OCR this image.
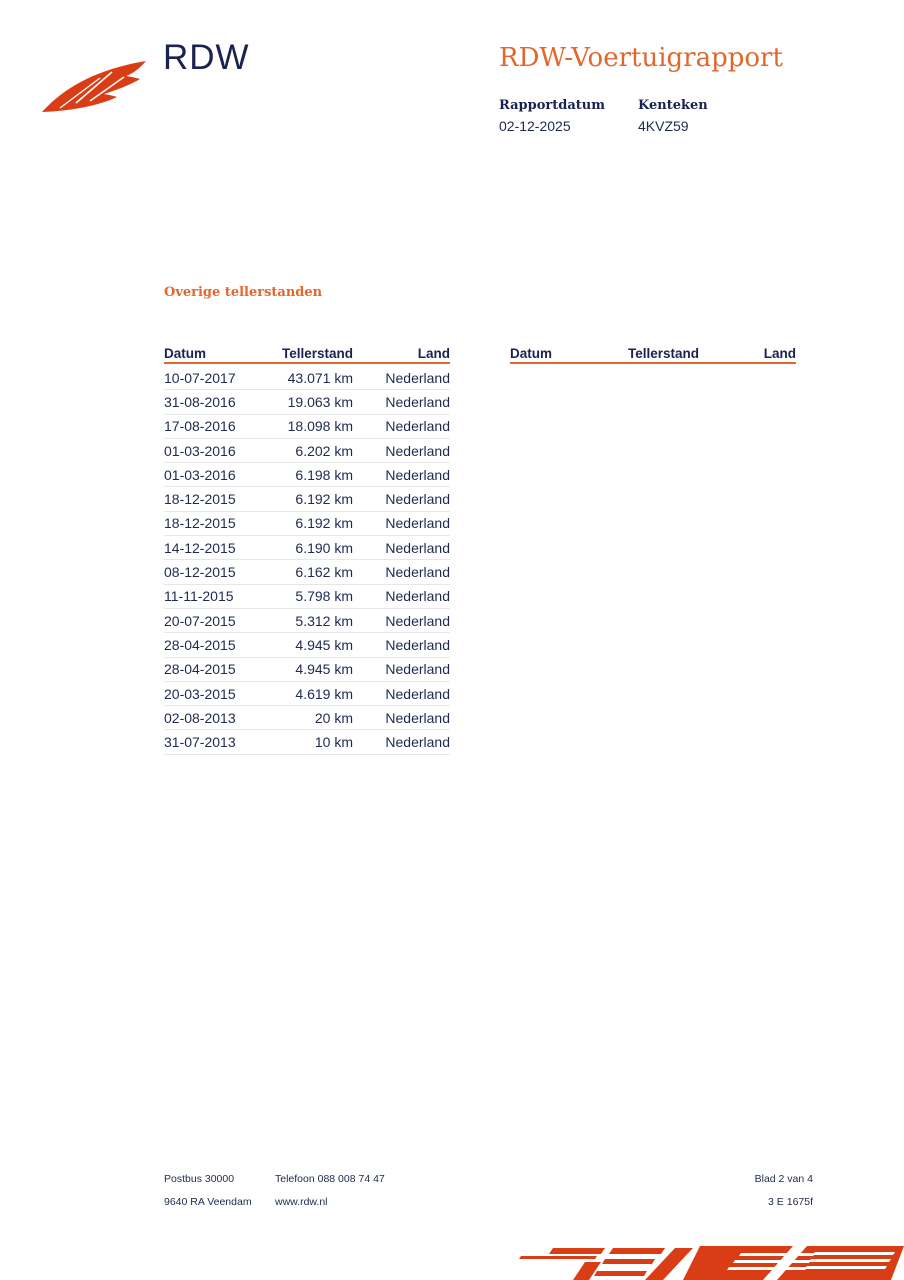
RDW	RDW-Voertuigrapport
Rapportdatum
02-12-2025
Kenteken
4KVZ59
Overige tellerstanden
Datum	Tellerstand	Land
10-07-2017	43.071 km	Nederland
31-08-2016	19.063 km	Nederland
17-08-2016	18.098 km	Nederland
01-03-2016	6.202 km	Nederland
01-03-2016	6.198 km	Nederland
18-12-2015	6.192 km	Nederland
18-12-2015	6.192 km	Nederland
14-12-2015	6.190 km	Nederland
08-12-2015	6.162 km	Nederland
11-11-2015	5.798 km	Nederland
20-07-2015	5.312 km	Nederland
28-04-2015	4.945 km	Nederland
28-04-2015	4.945 km	Nederland
20-03-2015	4.619 km	Nederland
02-08-2013	20 km	Nederland
31-07-2013	10 km	Nederland
Datum	Tellerstand	Land
Postbus 30000
9640 RA Veendam
Telefoon 088 008 74 47
www.rdw.nl
Blad 2 van 4
3 E 1675f
